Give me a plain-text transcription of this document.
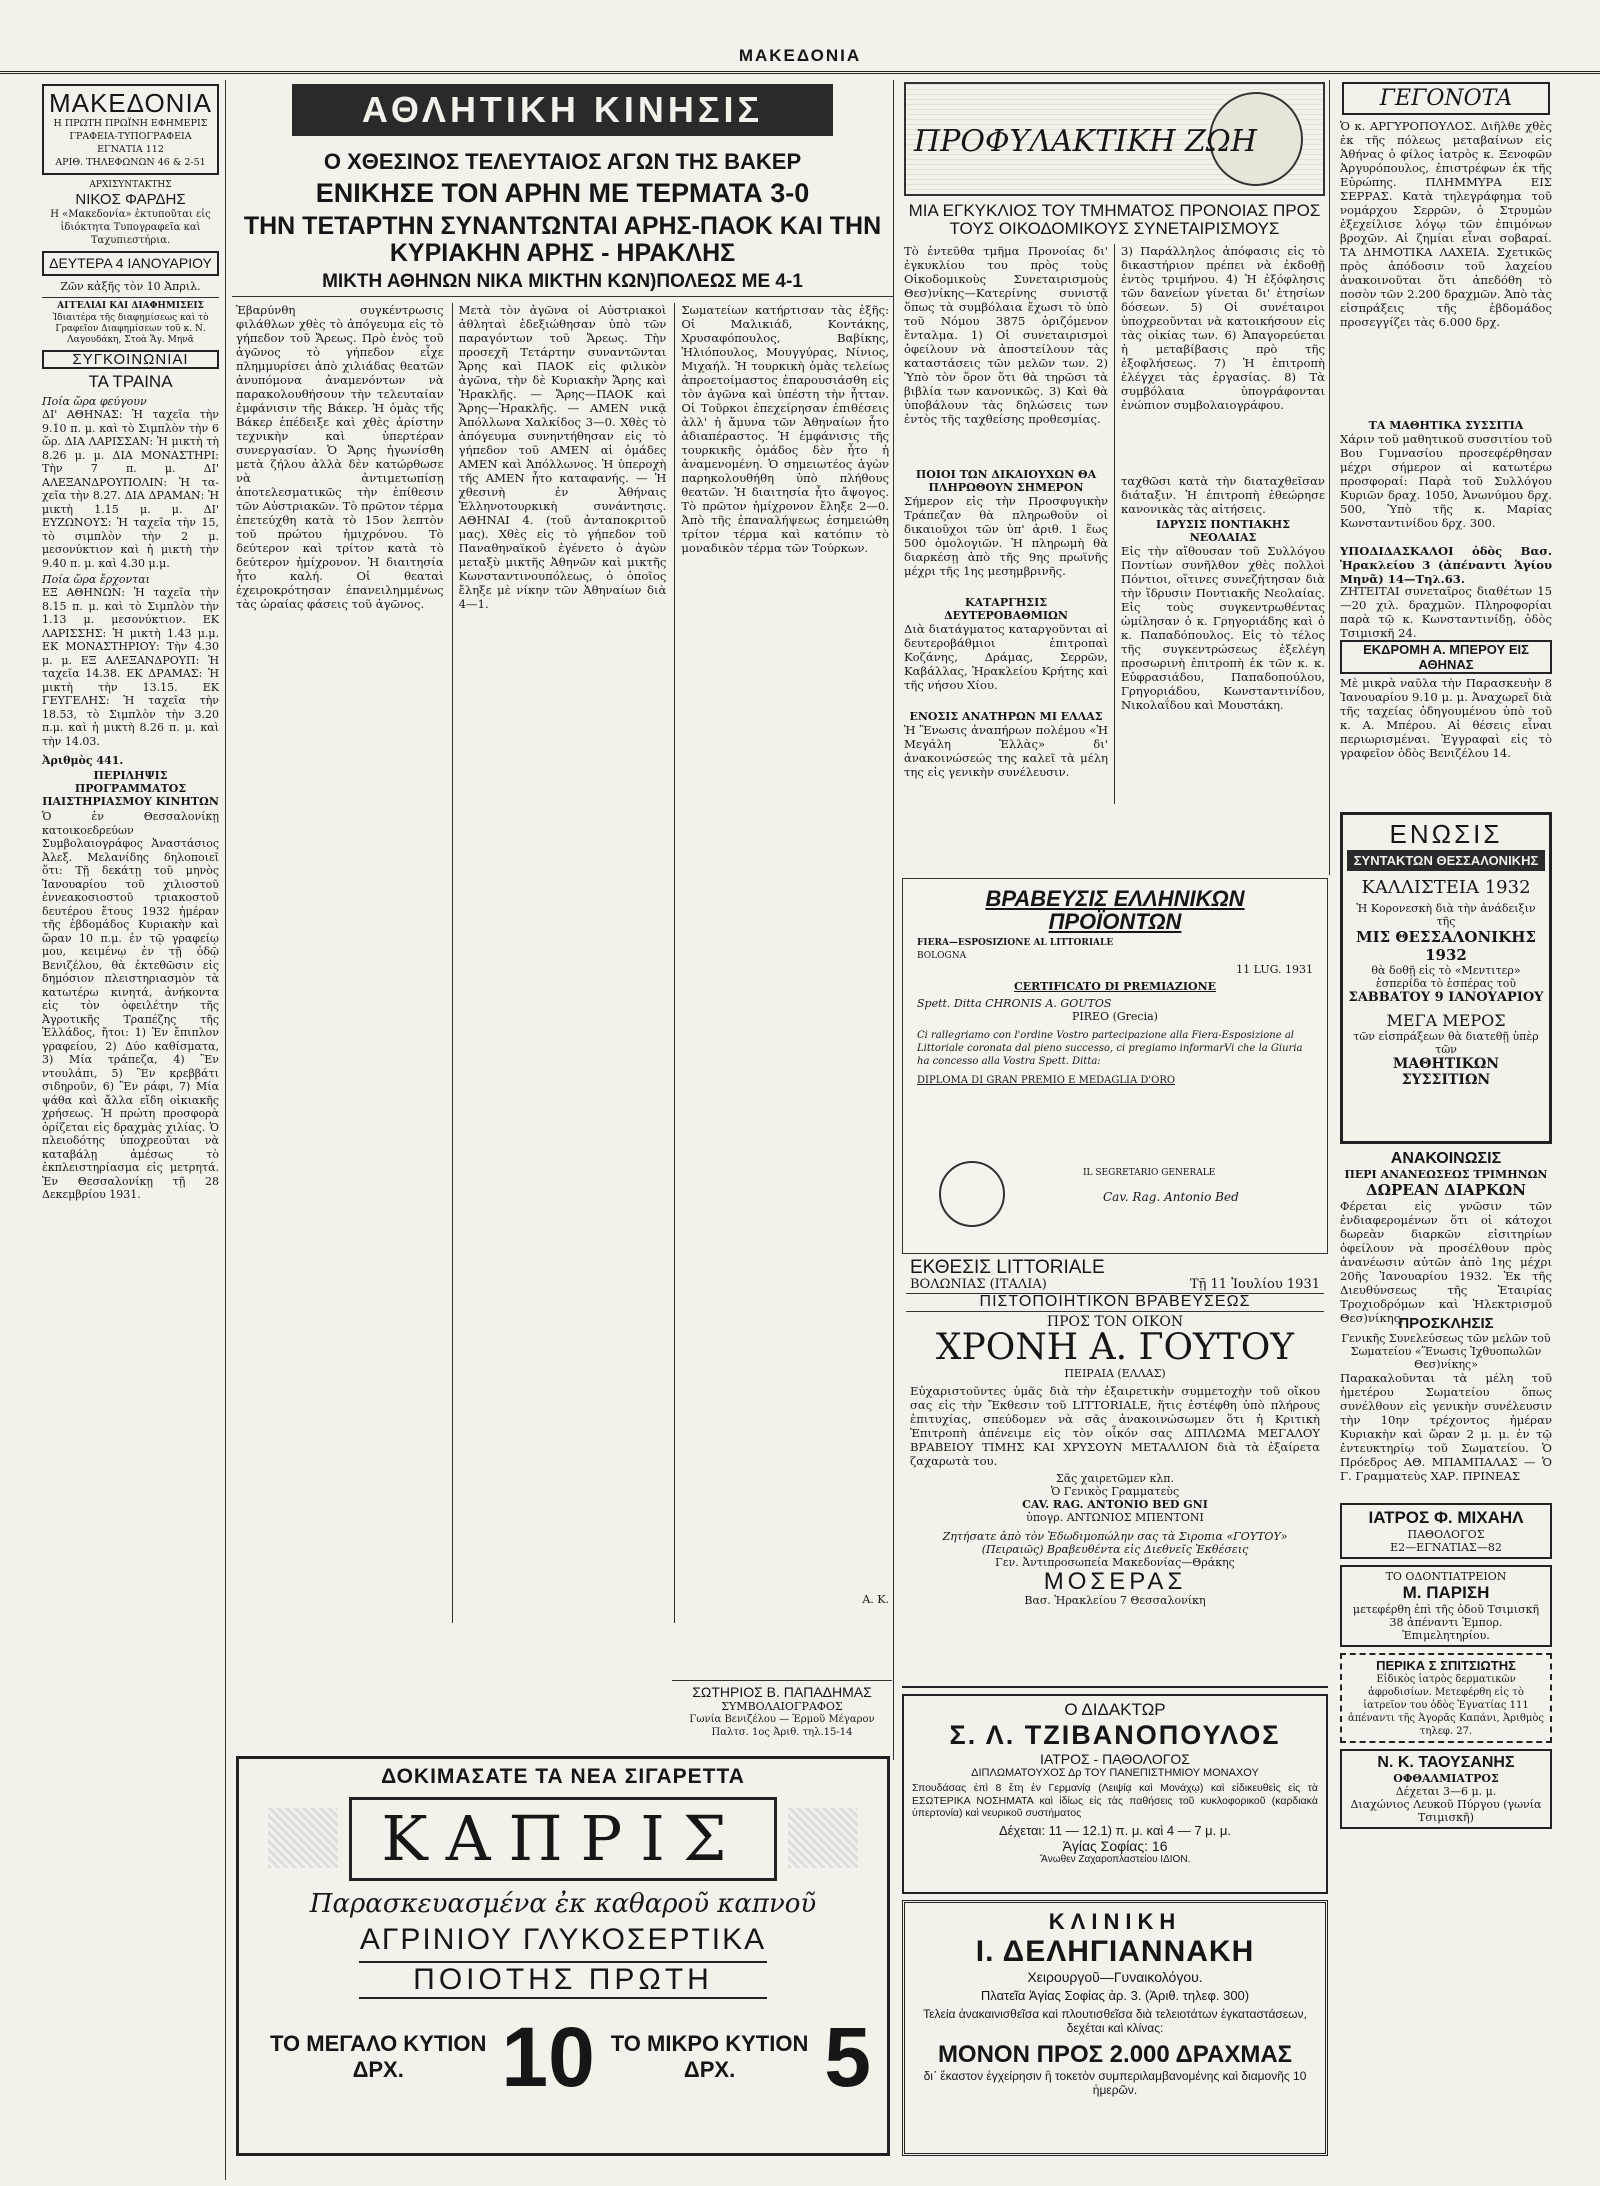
ΜΑΚΕΔΟΝΙΑ
ΜΑΚΕΔΟΝΙΑ
Η ΠΡΩΤΗ ΠΡΩΪΝΗ ΕΦΗΜΕΡΙΣ
ΓΡΑΦΕΙΑ-ΤΥΠΟΓΡΑΦΕΙΑ ΕΓΝΑΤΙΑ 112
ΑΡΙΘ. ΤΗΛΕΦΩΝΩΝ 46 & 2-51
ΑΡΧΙΣΥΝΤΑΚΤΗΣ
ΝΙΚΟΣ ΦΑΡΔΗΣ
Η «Μακεδονία» ἐκτυποῦται εἰς ἰδιόκτητα Τυπογραφεῖα καὶ Ταχυπιεστήρια.
ΔΕΥΤΕΡΑ 4 ΙΑΝΟΥΑΡΙΟΥ
Ζῶν κἀξῆς τὸν 10 Ἀπριλ.
ΑΓΓΕΛΙΑΙ ΚΑΙ ΔΙΑΦΗΜΙΣΕΙΣ
Ἰδιαιτέρα τῆς διαφημίσεως καὶ τὸ Γραφεῖον Διαφημίσεων τοῦ κ. Ν. Λαγουδάκη, Στοὰ Ἄγ. Μηνᾶ
ΣΥΓΚΟΙΝΩΝΙΑΙ
ΤΑ ΤΡΑΙΝΑ
Ποία ὥρα φεύγουν
ΔΙ' ΑΘΗΝΑΣ: Ἡ ταχεῖα τὴν 9.10 π. μ. καὶ τὸ Σιμπλὸν τὴν 6 ὥρ. ΔΙΑ ΛΑΡΙΣΣΑΝ: Ἡ μικτὴ τὴ 8.26 μ. μ. ΔΙΑ ΜΟΝΑΣΤΗΡΙ: Τὴν 7 π. μ. ΔΙ' ΑΛΕΞΑΝΔΡΟΥΠΟΛΙΝ: Ἡ τα-χεῖα τὴν 8.27. ΔΙΑ ΔΡΑΜΑΝ: Ἡ μικτὴ 1.15 μ. μ. ΔΙ' ΕΥΖΩΝΟΥΣ: Ἡ ταχεῖα τὴν 15, τὸ σιμπλὸν τὴν 2 μ. μεσονύκτιον καὶ ἡ μικτὴ τὴν 9.40 π. μ. καὶ 4.30 μ.μ.
Ποία ὥρα ἔρχονται
ΕΞ ΑΘΗΝΩΝ: Ἡ ταχεῖα τὴν 8.15 π. μ. καὶ τὸ Σιμπλὸν τὴν 1.13 μ. μεσονύκτιον. ΕΚ ΛΑΡΙΣΣΗΣ: Ἡ μικτὴ 1.43 μ.μ. ΕΚ ΜΟΝΑΣΤΗΡΙΟΥ: Τὴν 4.30 μ. μ. ΕΞ ΑΛΕΞΑΝΔΡΟΥΠ: Ἡ ταχεῖα 14.38. ΕΚ ΔΡΑΜΑΣ: Ἡ μικτὴ τὴν 13.15. ΕΚ ΓΕΥΓΕΛΗΣ: Ἡ ταχεῖα τὴν 18.53, τὸ Σιμπλὸν τὴν 3.20 π.μ. καὶ ἡ μικτὴ 8.26 π. μ. καὶ τὴν 14.03.
Ἀριθμὸς 441.
ΠΕΡΙΛΗΨΙΣ ΠΡΟΓΡΑΜΜΑΤΟΣ ΠΑΙΣΤΗΡΙΑΣΜΟΥ ΚΙΝΗΤΩΝ
Ὁ ἐν Θεσσαλονίκῃ κατοικοεδρεύων Συμβολαιογράφος Ἀναστάσιος Ἀλεξ. Μελανίδης δηλοποιεῖ ὅτι: Τῇ δεκάτῃ τοῦ μηνὸς Ἰανουαρίου τοῦ χιλιοστοῦ ἐννεακοσιοστοῦ τριακοστοῦ δευτέρου ἔτους 1932 ἡμέραν τῆς ἑβδομάδος Κυριακὴν καὶ ὥραν 10 π.μ. ἐν τῷ γραφείῳ μου, κειμένῳ ἐν τῇ ὁδῷ Βενιζέλου, θὰ ἐκτεθῶσιν εἰς δημόσιον πλειστηριασμὸν τὰ κατωτέρω κινητά, ἀνήκοντα εἰς τὸν ὀφειλέτην τῆς Ἀγροτικῆς Τραπέζης τῆς Ἑλλάδος, ἤτοι: 1) Ἐν ἔπιπλον γραφείου, 2) Δύο καθίσματα, 3) Μία τράπεζα, 4) Ἓν ντουλάπι, 5) Ἓν κρεββάτι σιδηροῦν, 6) Ἓν ράφι, 7) Μία ψάθα καὶ ἄλλα εἴδη οἰκιακῆς χρήσεως. Ἡ πρώτη προσφορὰ ὁρίζεται εἰς δραχμὰς χιλίας. Ὁ πλειοδότης ὑποχρεοῦται νὰ καταβάλῃ ἀμέσως τὸ ἐκπλειστηρίασμα εἰς μετρητά. Ἐν Θεσσαλονίκῃ τῇ 28 Δεκεμβρίου 1931.
ΑΘΛΗΤΙΚΗ ΚΙΝΗΣΙΣ
Ο ΧΘΕΣΙΝΟΣ ΤΕΛΕΥΤΑΙΟΣ ΑΓΩΝ ΤΗΣ ΒΑΚΕΡ
ΕΝΙΚΗΣΕ ΤΟΝ ΑΡΗΝ ΜΕ ΤΕΡΜΑΤΑ 3-0
ΤΗΝ ΤΕΤΑΡΤΗΝ ΣΥΝΑΝΤΩΝΤΑΙ ΑΡΗΣ-ΠΑΟΚ ΚΑΙ ΤΗΝ ΚΥΡΙΑΚΗΝ ΑΡΗΣ - ΗΡΑΚΛΗΣ
ΜΙΚΤΗ ΑΘΗΝΩΝ ΝΙΚΑ ΜΙΚΤΗΝ ΚΩΝ)ΠΟΛΕΩΣ ΜΕ 4-1
Ἐβαρύνθη συγκέντρωσις φιλάθλων χθὲς τὸ ἀπόγευμα εἰς τὸ γήπεδον τοῦ Ἄρεως. Πρὸ ἐνὸς τοῦ ἀγῶνος τὸ γήπεδον εἶχε πλημμυρίσει ἀπὸ χιλιάδας θεατῶν ἀνυπόμονα ἀναμενόντων νὰ παρακολουθήσουν τὴν τελευταίαν ἐμφάνισιν τῆς Βάκερ. Ἡ ὁμὰς τῆς Βάκερ ἐπέδειξε καὶ χθὲς ἀρίστην τεχνικὴν καὶ ὑπερτέραν συνεργασίαν. Ὁ Ἄρης ἠγωνίσθη μετὰ ζήλου ἀλλὰ δὲν κατώρθωσε νὰ ἀντιμετωπίσῃ ἀποτελεσματικῶς τὴν ἐπίθεσιν τῶν Αὐστριακῶν. Τὸ πρῶτον τέρμα ἐπετεύχθη κατὰ τὸ 15ον λεπτὸν τοῦ πρώτου ἡμιχρόνου. Τὸ δεύτερον καὶ τρίτον κατὰ τὸ δεύτερον ἡμίχρονον. Ἡ διαιτησία ἦτο καλή. Οἱ θεαταὶ ἐχειροκρότησαν ἐπανειλημμένως τὰς ὡραίας φάσεις τοῦ ἀγῶνος.
Μετὰ τὸν ἀγῶνα οἱ Αὐστριακοὶ ἀθληταὶ ἐδεξιώθησαν ὑπὸ τῶν παραγόντων τοῦ Ἄρεως. Τὴν προσεχῆ Τετάρτην συναντῶνται Ἄρης καὶ ΠΑΟΚ εἰς φιλικὸν ἀγῶνα, τὴν δὲ Κυριακὴν Ἄρης καὶ Ἡρακλῆς. — Ἄρης—ΠΑΟΚ καὶ Ἄρης—Ἡρακλῆς. — ΑΜΕΝ νικᾷ Ἀπόλλωνα Χαλκίδος 3—0. Χθὲς τὸ ἀπόγευμα συνηντήθησαν εἰς τὸ γήπεδον τοῦ ΑΜΕΝ αἱ ὁμάδες ΑΜΕΝ καὶ Ἀπόλλωνος. Ἡ ὑπεροχὴ τῆς ΑΜΕΝ ἦτο καταφανής. — Ἡ χθεσινὴ ἐν Ἀθήναις Ἑλληνοτουρκικὴ συνάντησις. ΑΘΗΝΑΙ 4. (τοῦ ἀνταποκριτοῦ μας). Χθὲς εἰς τὸ γήπεδον τοῦ Παναθηναϊκοῦ ἐγένετο ὁ ἀγὼν μεταξὺ μικτῆς Ἀθηνῶν καὶ μικτῆς Κωνσταντινουπόλεως, ὁ ὁποῖος ἔληξε μὲ νίκην τῶν Ἀθηναίων διὰ 4—1.
Σωματείων κατήρτισαν τὰς ἑξῆς: Οἱ Μαλικιάδ, Κοντάκης, Χρυσαφόπουλος, Βαβίκης, Ἠλιόπουλος, Μουγγύρας, Νίνιος, Μιχαήλ. Ἡ τουρκικὴ ὁμὰς τελείως ἀπροετοίμαστος ἐπαρουσιάσθη εἰς τὸν ἀγῶνα καὶ ὑπέστη τὴν ἧτταν. Οἱ Τοῦρκοι ἐπεχείρησαν ἐπιθέσεις ἀλλ' ἡ ἄμυνα τῶν Ἀθηναίων ἦτο ἀδιαπέραστος. Ἡ ἐμφάνισις τῆς τουρκικῆς ὁμάδος δὲν ἦτο ἡ ἀναμενομένη. Ὁ σημειωτέος ἀγὼν παρηκολουθήθη ὑπὸ πλήθους θεατῶν. Ἡ διαιτησία ἦτο ἄψογος. Τὸ πρῶτον ἡμίχρονον ἔληξε 2—0. Ἀπὸ τῆς ἐπαναλήψεως ἐσημειώθη τρίτον τέρμα καὶ κατόπιν τὸ μοναδικὸν τέρμα τῶν Τούρκων.
Α. Κ.
ΣΩΤΗΡΙΟΣ Β. ΠΑΠΑΔΗΜΑΣ
ΣΥΜΒΟΛΑΙΟΓΡΑΦΟΣ
Γωνία Βενιζέλου — Ἑρμοῦ Μέγαρον Παλτσ. 1ος Ἀριθ. τηλ.15-14
ΔΟΚΙΜΑΣΑΤΕ ΤΑ ΝΕΑ ΣΙΓΑΡΕΤΤΑ
ΚΑΠΡΙΣ
Παρασκευασμένα ἐκ καθαροῦ καπνοῦ
ΑΓΡΙΝΙΟΥ ΓΛΥΚΟΣΕΡΤΙΚΑ
ΠΟΙΟΤΗΣ ΠΡΩΤΗ
ΤΟ ΜΕΓΑΛΟ ΚΥΤΙΟΝ ΔΡΧ.	10 ΤΟ ΜΙΚΡΟ ΚΥΤΙΟΝ ΔΡΧ.	5
ΠΡΟΦΥΛΑΚΤΙΚΗ ΖΩΗ
ΜΙΑ ΕΓΚΥΚΛΙΟΣ ΤΟΥ ΤΜΗΜΑΤΟΣ ΠΡΟΝΟΙΑΣ ΠΡΟΣ ΤΟΥΣ ΟΙΚΟΔΟΜΙΚΟΥΣ ΣΥΝΕΤΑΙΡΙΣΜΟΥΣ
Τὸ ἐντεῦθα τμῆμα Προνοίας δι' ἐγκυκλίου του πρὸς τοὺς Οἰκοδομικοὺς Συνεταιρισμοὺς Θεσ)νίκης—Κατερίνης συνιστᾷ ὅπως τὰ συμβόλαια ἔχωσι τὸ ὑπὸ τοῦ Νόμου 3875 ὁριζόμενον ἔνταλμα. 1) Οἱ συνεταιρισμοὶ ὀφείλουν νὰ ἀποστείλουν τὰς καταστάσεις τῶν μελῶν των. 2) Ὑπὸ τὸν ὅρον ὅτι θὰ τηρῶσι τὰ βιβλία των κανονικῶς. 3) Καὶ θὰ ὑποβάλουν τὰς δηλώσεις των ἐντὸς τῆς ταχθείσης προθεσμίας.
ΠΟΙΟΙ ΤΩΝ ΔΙΚΑΙΟΥΧΩΝ ΘΑ ΠΛΗΡΩΘΟΥΝ ΣΗΜΕΡΟΝ
Σήμερον εἰς τὴν Προσφυγικὴν Τράπεζαν θὰ πληρωθοῦν οἱ δικαιοῦχοι τῶν ὑπ' ἀριθ. 1 ἕως 500 ὁμολογιῶν. Ἡ πληρωμὴ θὰ διαρκέσῃ ἀπὸ τῆς 9ης πρωϊνῆς μέχρι τῆς 1ης μεσημβρινῆς.
ΚΑΤΑΡΓΗΣΙΣ ΔΕΥΤΕΡΟΒΑΘΜΙΩΝ
Διὰ διατάγματος καταργοῦνται αἱ δευτεροβάθμιοι ἐπιτροπαὶ Κοζάνης, Δράμας, Σερρῶν, Καβάλλας, Ἡρακλείου Κρήτης καὶ τῆς νήσου Χίου.
ΕΝΟΣΙΣ ΑΝΑΤΗΡΩΝ ΜΙ ΕΛΛΑΣ
Ἡ Ἕνωσις ἀναπήρων πολέμου «Ἡ Μεγάλη Ἑλλὰς» δι' ἀνακοινώσεώς της καλεῖ τὰ μέλη της εἰς γενικὴν συνέλευσιν.
3) Παράλληλος ἀπόφασις εἰς τὸ δικαστήριον πρέπει νὰ ἐκδοθῇ ἐντὸς τριμήνου. 4) Ἡ ἐξόφλησις τῶν δανείων γίνεται δι' ἐτησίων δόσεων. 5) Οἱ συνέταιροι ὑποχρεοῦνται νὰ κατοικήσουν εἰς τὰς οἰκίας των. 6) Ἀπαγορεύεται ἡ μεταβίβασις πρὸ τῆς ἐξοφλήσεως. 7) Ἡ ἐπιτροπὴ ἐλέγχει τὰς ἐργασίας. 8) Τὰ συμβόλαια ὑπογράφονται ἐνώπιον συμβολαιογράφου.
ταχθῶσι κατὰ τὴν διαταχθεῖσαν διάταξιν. Ἡ ἐπιτροπὴ ἐθεώρησε κανονικὰς τὰς αἰτήσεις.
ΙΔΡΥΣΙΣ ΠΟΝΤΙΑΚΗΣ ΝΕΟΛΑΙΑΣ
Εἰς τὴν αἴθουσαν τοῦ Συλλόγου Ποντίων συνῆλθον χθὲς πολλοὶ Πόντιοι, οἵτινες συνεζήτησαν διὰ τὴν ἵδρυσιν Ποντιακῆς Νεολαίας. Εἰς τοὺς συγκεντρωθέντας ὡμίλησαν ὁ κ. Γρηγοριάδης καὶ ὁ κ. Παπαδόπουλος. Εἰς τὸ τέλος τῆς συγκεντρώσεως ἐξελέγη προσωρινὴ ἐπιτροπὴ ἐκ τῶν κ. κ. Εὐφρασιάδου, Παπαδοπούλου, Γρηγοριάδου, Κωνσταντινίδου, Νικολαΐδου καὶ Μουστάκη.
ΒΡΑΒΕΥΣΙΣ ΕΛΛΗΝΙΚΩΝ ΠΡΟΪΟΝΤΩΝ
FIERA—ESPOSIZIONE AL LITTORIALE
BOLOGNA
11 LUG. 1931
CERTIFICATO DI PREMIAZIONE
Spett. Ditta CHRONIS A. GOUTOS
PIREO (Grecia)
Ci rallegriamo con l'ordine Vostro partecipazione alla Fiera-Esposizione al Littoriale coronata dal pieno successo, ci pregiamo informarVi che la Giuria ha concesso alla Vostra Spett. Ditta:
DIPLOMA DI GRAN PREMIO E MEDAGLIA D'ORO
IL SEGRETARIO GENERALE
Cav. Rag. Antonio Bed
ΕΚΘΕΣΙΣ LITTORIALE
ΒΟΛΩΝΙΑΣ (ΙΤΑΛΙΑ)	Τῇ 11 Ἰουλίου 1931
ΠΙΣΤΟΠΟΙΗΤΙΚΟΝ ΒΡΑΒΕΥΣΕΩΣ
ΠΡΟΣ ΤΟΝ ΟΙΚΟΝ
ΧΡΟΝΗ Α. ΓΟΥΤΟΥ
ΠΕΙΡΑΙΑ (ΕΛΛΑΣ)
Εὐχαριστοῦντες ὑμᾶς διὰ τὴν ἐξαιρετικὴν συμμετοχὴν τοῦ οἴκου σας εἰς τὴν Ἔκθεσιν τοῦ LITTORIALE, ἥτις ἐστέφθη ὑπὸ πλήρους ἐπιτυχίας, σπεύδομεν νὰ σᾶς ἀνακοινώσωμεν ὅτι ἡ Κριτικὴ Ἐπιτροπὴ ἀπένειμε εἰς τὸν οἶκόν σας ΔΙΠΛΩΜΑ ΜΕΓΑΛΟΥ ΒΡΑΒΕΙΟΥ ΤΙΜΗΣ ΚΑΙ ΧΡΥΣΟΥΝ ΜΕΤΑΛΛΙΟΝ διὰ τὰ ἐξαίρετα ζαχαρωτὰ του.
Σᾶς χαιρετῶμεν κλπ.
Ὁ Γενικὸς Γραμματεὺς
CAV. RAG. ANTONIO BED GNI
ὑπογρ. ΑΝΤΩΝΙΟΣ ΜΠΕΝΤΟΝΙ
Ζητήσατε ἀπὸ τὸν Ἐδωδιμοπώλην σας τὰ Σιροπια «ΓΟΥΤΟΥ» (Πειραιῶς) Βραβευθέντα εἰς Διεθνεῖς Ἐκθέσεις
Γεν. Ἀντιπροσωπεία Μακεδονίας—Θράκης
ΜΟΣΕΡΑΣ
Βασ. Ἡρακλείου 7 Θεσσαλονίκη
Ο ΔΙΔΑΚΤΩΡ
Σ. Λ. ΤΖΙΒΑΝΟΠΟΥΛΟΣ
ΙΑΤΡΟΣ - ΠΑΘΟΛΟΓΟΣ
ΔΙΠΛΩΜΑΤΟΥΧΟΣ Δρ ΤΟΥ ΠΑΝΕΠΙΣΤΗΜΙΟΥ ΜΟΝΑΧΟΥ
Σπουδάσας ἐπὶ 8 ἔτη ἐν Γερμανίᾳ (Λειψίᾳ καὶ Μονάχῳ) καὶ εἰδικευθεὶς εἰς τὰ ΕΣΩΤΕΡΙΚΑ ΝΟΣΗΜΑΤΑ καὶ ἰδίως εἰς τὰς παθήσεις τοῦ κυκλοφορικοῦ (καρδιακὰ ὑπερτονία) καὶ νευρικοῦ συστήματος
Δέχεται: 11 — 12.1) π. μ. καὶ 4 — 7 μ. μ.
Ἁγίας Σοφίας: 16
Ἄνωθεν Ζαχαροπλαστείου ΙΔΙΟΝ.
ΚΛΙΝΙΚΗ
Ι. ΔΕΛΗΓΙΑΝΝΑΚΗ
Χειρουργοῦ—Γυναικολόγου.
Πλατεῖα Ἁγίας Σοφίας ἀρ. 3. (Ἀριθ. τηλεφ. 300)
Τελεία ἀνακαινισθεῖσα καὶ πλουτισθεῖσα διὰ τελειοτάτων ἐγκαταστάσεων, δεχέται καὶ κλίνας:
ΜΟΝΟΝ ΠΡΟΣ 2.000 ΔΡΑΧΜΑΣ
δι᾽ ἕκαστον ἐγχείρησιν ἢ τοκετὸν συμπεριλαμβανομένης καὶ διαμονῆς 10 ἡμερῶν.
ΓΕΓΟΝΟΤΑ
Ὁ κ. ΑΡΓΥΡΟΠΟΥΛΟΣ. Διῆλθε χθὲς ἐκ τῆς πόλεως μεταβαίνων εἰς Ἀθήνας ὁ φίλος ἰατρὸς κ. Ξενοφῶν Ἀργυρόπουλος, ἐπιστρέφων ἐκ τῆς Εὐρώπης. ΠΛΗΜΜΥΡΑ ΕΙΣ ΣΕΡΡΑΣ. Κατὰ τηλεγράφημα τοῦ νομάρχου Σερρῶν, ὁ Στρυμὼν ἐξεχείλισε λόγῳ τῶν ἐπιμόνων βροχῶν. Αἱ ζημίαι εἶναι σοβαραί. ΤΑ ΔΗΜΟΤΙΚΑ ΛΑΧΕΙΑ. Σχετικῶς πρὸς ἀπόδοσιν τοῦ λαχείου ἀνακοινοῦται ὅτι ἀπεδόθη τὸ ποσὸν τῶν 2.200 δραχμῶν. Ἀπὸ τὰς εἰσπράξεις τῆς ἑβδομάδος προσεγγίζει τὰς 6.000 δρχ.
ΤΑ ΜΑΘΗΤΙΚΑ ΣΥΣΣΙΤΙΑ
Χάριν τοῦ μαθητικοῦ συσσιτίου τοῦ Βου Γυμνασίου προσεφέρθησαν μέχρι σήμερον αἱ κατωτέρω προσφοραί: Παρὰ τοῦ Συλλόγου Κυριῶν δραχ. 1050, Ἀνωνύμου δρχ. 500, Ὑπὸ τῆς κ. Μαρίας Κωνσταντινίδου δρχ. 300.
ΥΠΟΔΙΔΑΣΚΑΛΟΙ ὀδὸς Βασ. Ἡρακλείου 3 (ἀπέναντι Ἁγίου Μηνᾶ) 14—Τηλ.63.
ΖΗΤΕΙΤΑΙ συνεταῖρος διαθέτων 15—20 χιλ. δραχμῶν. Πληροφορίαι παρὰ τῷ κ. Κωνσταντινίδῃ, ὁδὸς Τσιμισκῆ 24.
ΕΚΔΡΟΜΗ Α. ΜΠΕΡΟΥ ΕΙΣ ΑΘΗΝΑΣ
Μὲ μικρὰ ναῦλα τὴν Παρασκευὴν 8 Ἰανουαρίου 9.10 μ. μ. Ἀναχωρεῖ διὰ τῆς ταχείας ὁδηγουμένου ὑπὸ τοῦ κ. Α. Μπέρου. Αἱ θέσεις εἶναι περιωρισμέναι. Ἐγγραφαὶ εἰς τὸ γραφεῖον ὁδὸς Βενιζέλου 14.
ΕΝΩΣΙΣ
ΣΥΝΤΑΚΤΩΝ ΘΕΣΣΑΛΟΝΙΚΗΣ
ΚΑΛΛΙΣΤΕΙΑ 1932
Ἡ Κορονεσκὴ διὰ τὴν ἀνάδειξιν τῆς
ΜΙΣ ΘΕΣΣΑΛΟΝΙΚΗΣ 1932
θὰ δοθῇ εἰς τὸ «Μεντιτερ» ἑσπερίδα τὸ ἑσπέρας τοῦ
ΣΑΒΒΑΤΟΥ 9 ΙΑΝΟΥΑΡΙΟΥ
ΜΕΓΑ ΜΕΡΟΣ
τῶν εἰσπράξεων θὰ διατεθῇ ὑπὲρ τῶν
ΜΑΘΗΤΙΚΩΝ ΣΥΣΣΙΤΙΩΝ
ΑΝΑΚΟΙΝΩΣΙΣ
ΠΕΡΙ ΑΝΑΝΕΩΣΕΩΣ ΤΡΙΜΗΝΩΝ
ΔΩΡΕΑΝ ΔΙΑΡΚΩΝ
Φέρεται εἰς γνῶσιν τῶν ἐνδιαφερομένων ὅτι οἱ κάτοχοι δωρεὰν διαρκῶν εἰσιτηρίων ὀφείλουν νὰ προσέλθουν πρὸς ἀνανέωσιν αὐτῶν ἀπὸ 1ης μέχρι 20ῆς Ἰανουαρίου 1932. Ἐκ τῆς Διευθύνσεως τῆς Ἑταιρίας Τροχιοδρόμων καὶ Ἠλεκτρισμοῦ Θεσ)νίκης.
ΠΡΟΣΚΛΗΣΙΣ
Γενικῆς Συνελεύσεως τῶν μελῶν τοῦ Σωματείου «Ἕνωσις Ἰχθυοπωλῶν Θεσ)νίκης»
Παρακαλοῦνται τὰ μέλη τοῦ ἡμετέρου Σωματείου ὅπως συνέλθουν εἰς γενικὴν συνέλευσιν τὴν 10ην τρέχοντος ἡμέραν Κυριακὴν καὶ ὥραν 2 μ. μ. ἐν τῷ ἐντευκτηρίῳ τοῦ Σωματείου. Ὁ Πρόεδρος ΑΘ. ΜΠΑΜΠΑΛΑΣ — Ὁ Γ. Γραμματεὺς ΧΑΡ. ΠΡΙΝΕΑΣ
ΙΑΤΡΟΣ Φ. ΜΙΧΑΗΛ
ΠΑΘΟΛΟΓΟΣ
Ε2—ΕΓΝΑΤΙΑΣ—82
ΤΟ ΟΔΟΝΤΙΑΤΡΕΙΟΝ
Μ. ΠΑΡΙΣΗ
μετεφέρθη ἐπὶ τῆς ὁδοῦ Τσιμισκῆ 38 ἀπέναντι Ἐμπορ. Ἐπιμελητηρίου.
ΠΕΡΙΚΑ Σ ΣΠΙΤΣΙΩΤΗΣ
Εἰδικὸς ἰατρὸς δερματικῶν ἀφροδισίων. Μετεφέρθη εἰς τὸ ἰατρεῖον του ὁδὸς Ἐγνατίας 111 ἀπέναντι τῆς Ἀγορᾶς Καπάνι, Ἀριθμὸς τηλεφ. 27.
Ν. Κ. ΤΑΟΥΣΑΝΗΣ
ΟΦΘΑΛΜΙΑΤΡΟΣ
Δέχεται 3—6 μ. μ.
Διαχώνιος Λευκοῦ Πύργου (γωνία Τσιμισκῆ)
